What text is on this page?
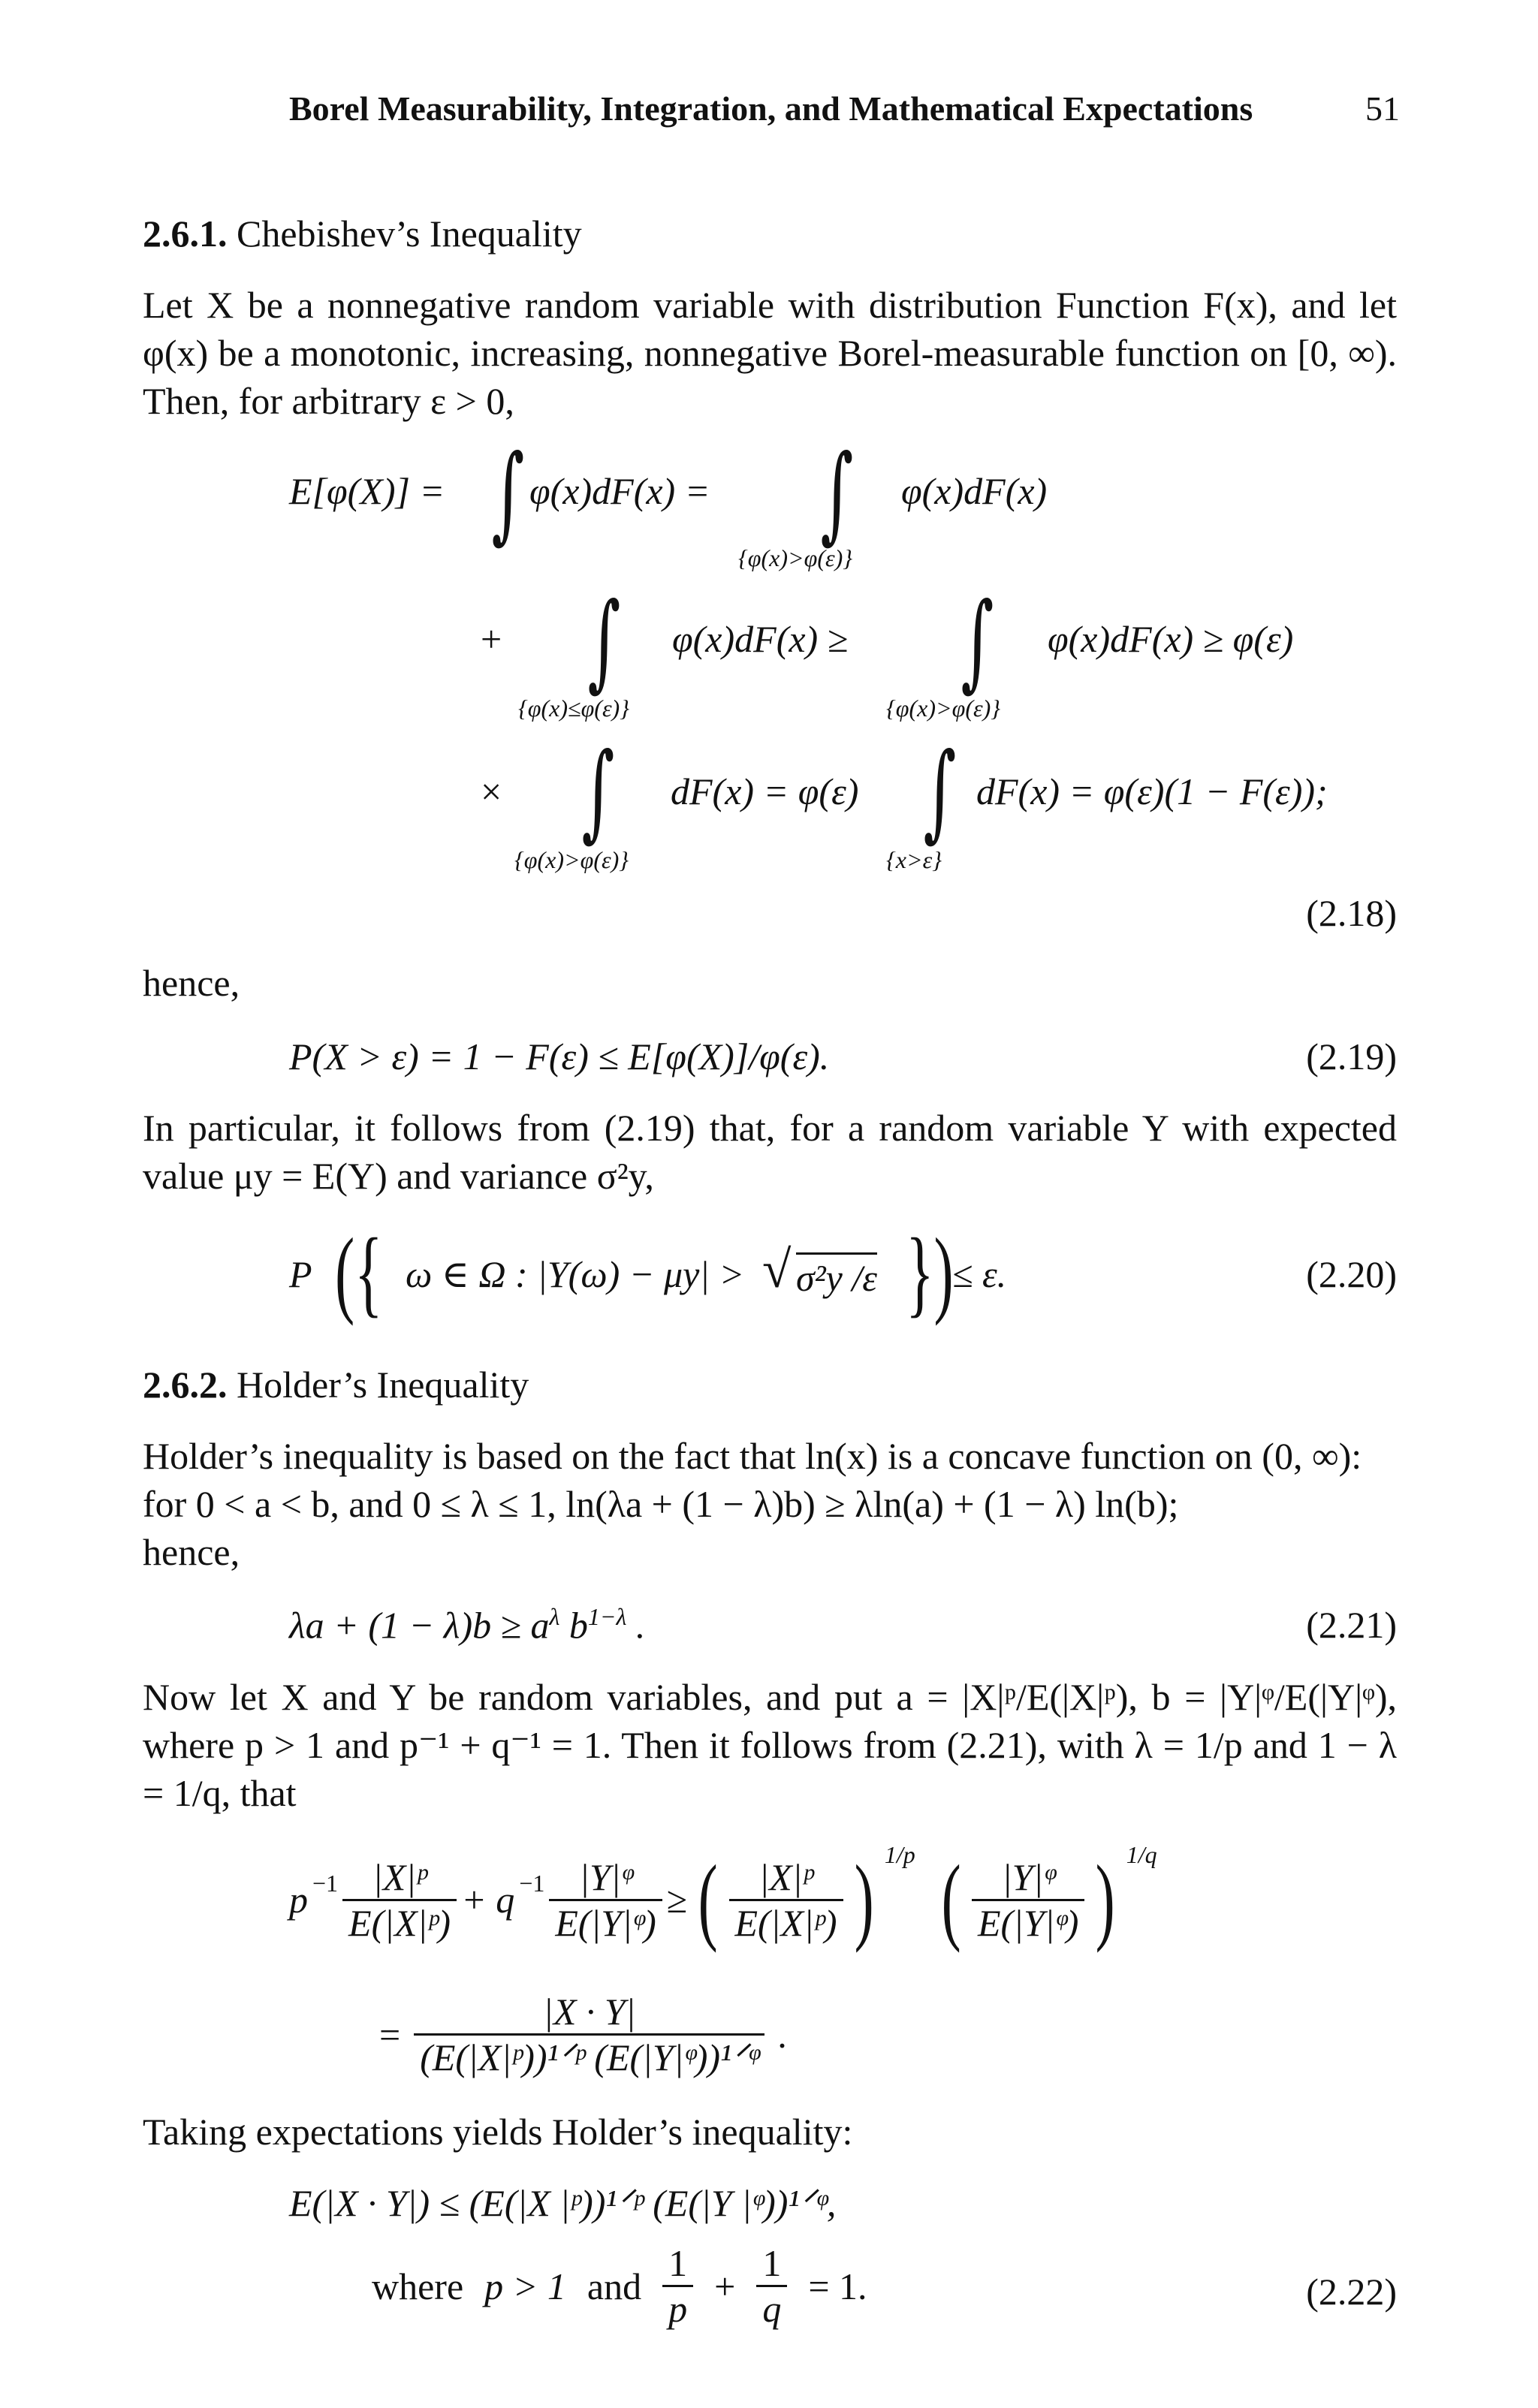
Borel Measurability, Integration, and Mathematical Expectations	51
2.6.1. Chebishev’s Inequality
Let X be a nonnegative random variable with distribution Function F(x), and let φ(x) be a monotonic, increasing, nonnegative Borel-measurable function on [0, ∞). Then, for arbitrary ε > 0,
E[φ(X)] = ∫ φ(x)dF(x) = ∫
{φ(x)>φ(ε)}
φ(x)dF(x)
+ ∫
{φ(x)≤φ(ε)}
φ(x)dF(x) ≥ ∫
{φ(x)>φ(ε)}
φ(x)dF(x) ≥ φ(ε)
× ∫
{φ(x)>φ(ε)}
dF(x) = φ(ε) ∫
{x>ε}
dF(x) = φ(ε)(1 − F(ε));
(2.18)
hence,
P(X > ε) = 1 − F(ε) ≤ E[φ(X)]/φ(ε).	(2.19)
In particular, it follows from (2.19) that, for a random variable Y with expected value μy = E(Y) and variance σ²y,
P ({ ω ∈ Ω : |Y(ω) − μy| > √ σ²y /ε })
≤ ε.	(2.20)
2.6.2. Holder’s Inequality
Holder’s inequality is based on the fact that ln(x) is a concave function on (0, ∞):
for 0 < a < b, and 0 ≤ λ ≤ 1, ln(λa + (1 − λ)b) ≥ λln(a) + (1 − λ) ln(b);
hence,
$\lambda a + (1 - \lambda)b \ge a^\lambda$ $b^{1-\lambda}$ .	(2.21)
Now let X and Y be random variables, and put a = |X|ᵖ/E(|X|ᵖ), b = |Y|ᵠ/E(|Y|ᵠ), where p > 1 and p⁻¹ + q⁻¹ = 1. Then it follows from (2.21), with λ = 1/p and 1 − λ = 1/q, that
$p^{-1} \frac{\text{|X|ᵖ}}{\text{E(|X|ᵖ)}} + q^{-1} \frac{\text{|Y|ᵠ}}{\text{E(|Y|ᵠ)}}$ ≥ ( $\frac{\text{|X|ᵖ}}{\text{E(|X|ᵖ)}}$ ) $^{1/p}$ ( $\frac{\text{|Y|ᵠ}}{\text{E(|Y|ᵠ)}}$ ) $^{1/q}$
= $\frac{|X \cdot Y|}{\text{(E(|X|ᵖ))¹ᐟᵖ (E(|Y|ᵠ))¹ᐟᵠ}}$ .
Taking expectations yields Holder’s inequality:
E(|X · Y|) ≤ (E(|X |ᵖ))¹ᐟᵖ (E(|Y |ᵠ))¹ᐟᵠ,
where p > 1 and $\frac{1}{p} + \frac{1}{q} = 1$.	(2.22)
